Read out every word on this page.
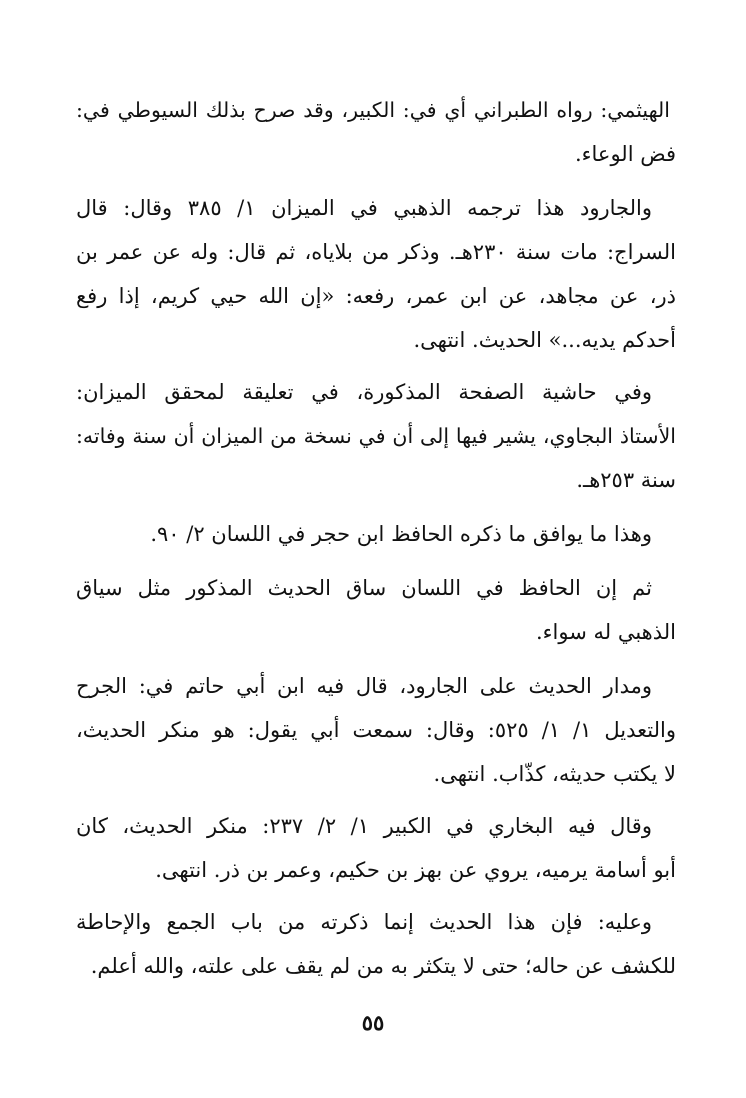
الهيثمي: رواه الطبراني أي في: الكبير، وقد صرح بذلك السيوطي في:
فض الوعاء.
والجارود هذا ترجمه الذهبي في الميزان ١/ ٣٨٥ وقال: قال
السراج: مات سنة ٢٣٠هـ. وذكر من بلاياه، ثم قال: وله عن عمر بن
ذر، عن مجاهد، عن ابن عمر، رفعه: «إن الله حيي كريم، إذا رفع
أحدكم يديه...» الحديث. انتهى.
وفي حاشية الصفحة المذكورة، في تعليقة لمحقق الميزان:
الأستاذ البجاوي، يشير فيها إلى أن في نسخة من الميزان أن سنة وفاته:
سنة ٢٥٣هـ.
وهذا ما يوافق ما ذكره الحافظ ابن حجر في اللسان ٢/ ٩٠.
ثم إن الحافظ في اللسان ساق الحديث المذكور مثل سياق
الذهبي له سواء.
ومدار الحديث على الجارود، قال فيه ابن أبي حاتم في: الجرح
والتعديل ١/ ١/ ٥٢٥: وقال: سمعت أبي يقول: هو منكر الحديث،
لا يكتب حديثه، كذّاب. انتهى.
وقال فيه البخاري في الكبير ١/ ٢/ ٢٣٧: منكر الحديث، كان
أبو أسامة يرميه، يروي عن بهز بن حكيم، وعمر بن ذر. انتهى.
وعليه: فإن هذا الحديث إنما ذكرته من باب الجمع والإحاطة
للكشف عن حاله؛ حتى لا يتكثر به من لم يقف على علته، والله أعلم.
٥٥
